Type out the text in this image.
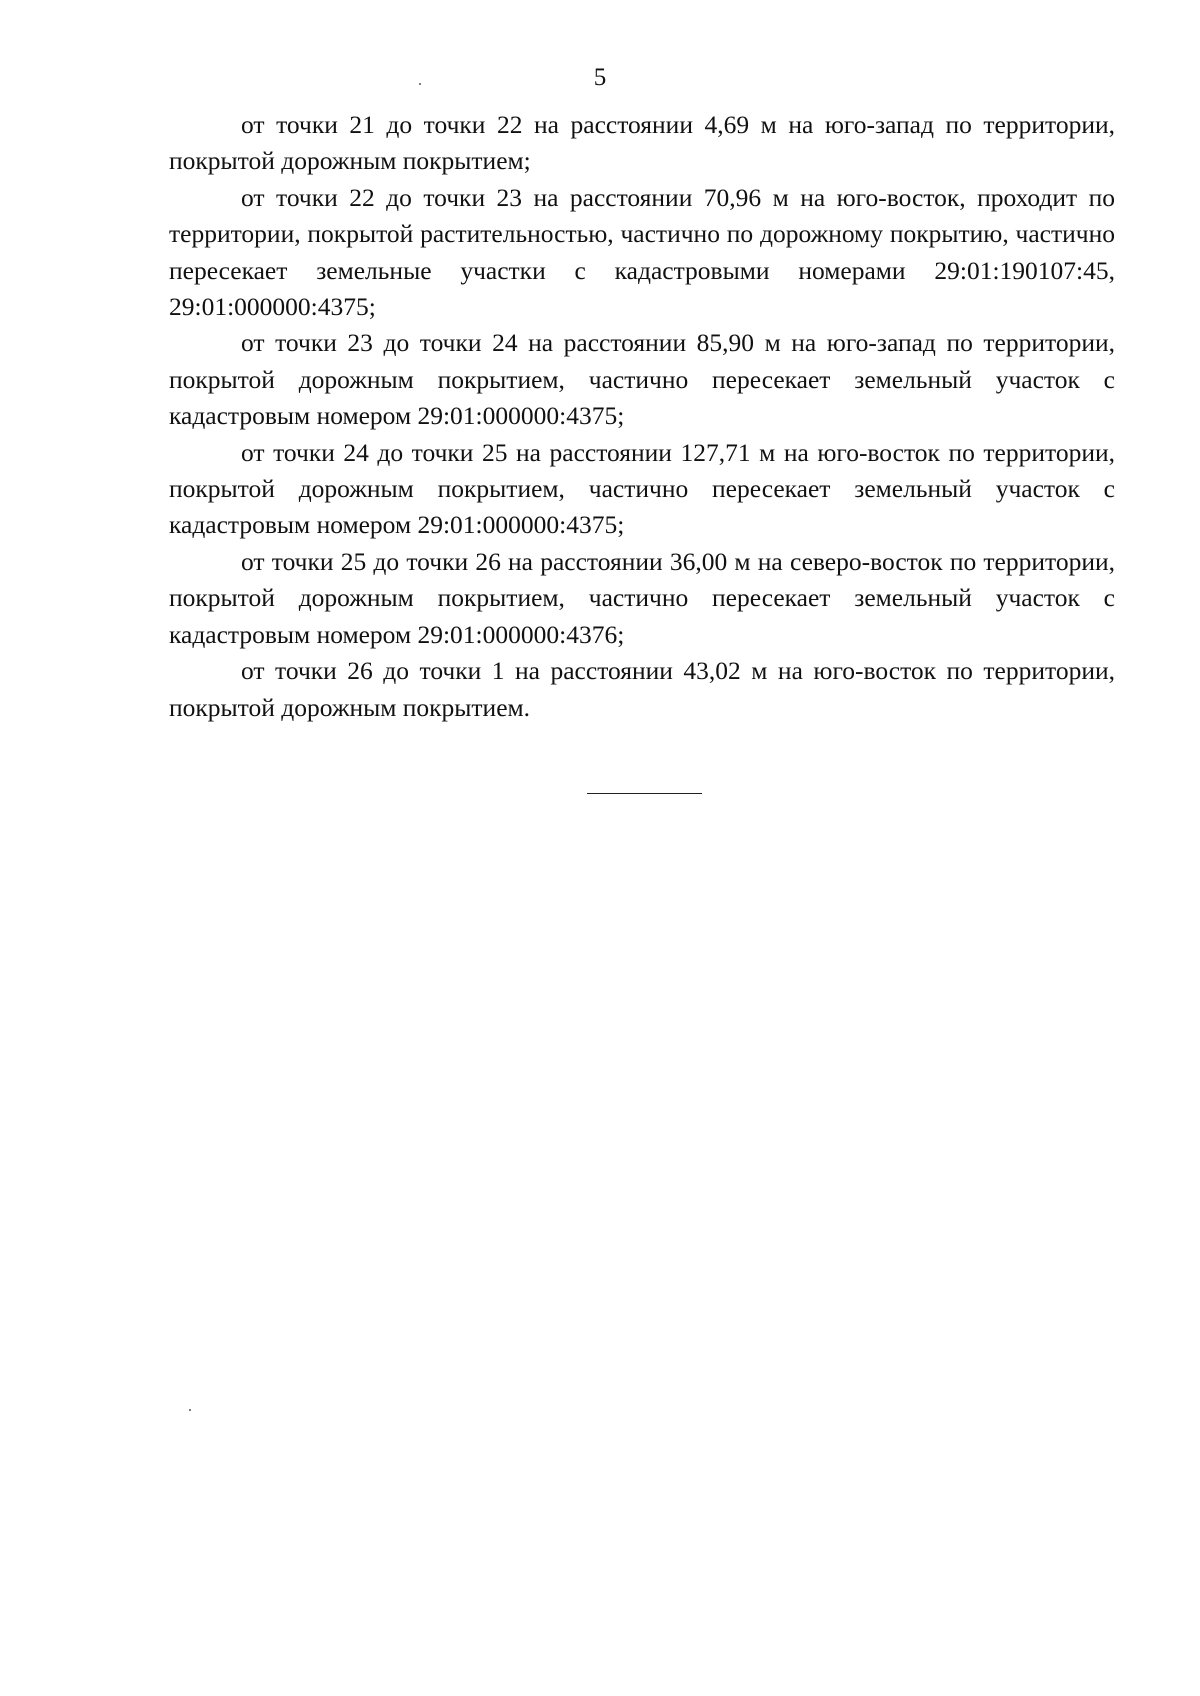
5

от точки 21 до точки 22 на расстоянии 4,69 м на юго-запад по территории, покрытой дорожным покрытием;

от точки 22 до точки 23 на расстоянии 70,96 м на юго-восток, проходит по территории, покрытой растительностью, частично по дорожному покрытию, частично пересекает земельные участки с кадастровыми номерами 29:01:190107:45, 29:01:000000:4375;

от точки 23 до точки 24 на расстоянии 85,90 м на юго-запад по территории, покрытой дорожным покрытием, частично пересекает земельный участок с кадастровым номером 29:01:000000:4375;

от точки 24 до точки 25 на расстоянии 127,71 м на юго-восток по территории, покрытой дорожным покрытием, частично пересекает земельный участок с кадастровым номером 29:01:000000:4375;

от точки 25 до точки 26 на расстоянии 36,00 м на северо-восток по территории, покрытой дорожным покрытием, частично пересекает земельный участок с кадастровым номером 29:01:000000:4376;

от точки 26 до точки 1 на расстоянии 43,02 м на юго-восток по территории, покрытой дорожным покрытием.
